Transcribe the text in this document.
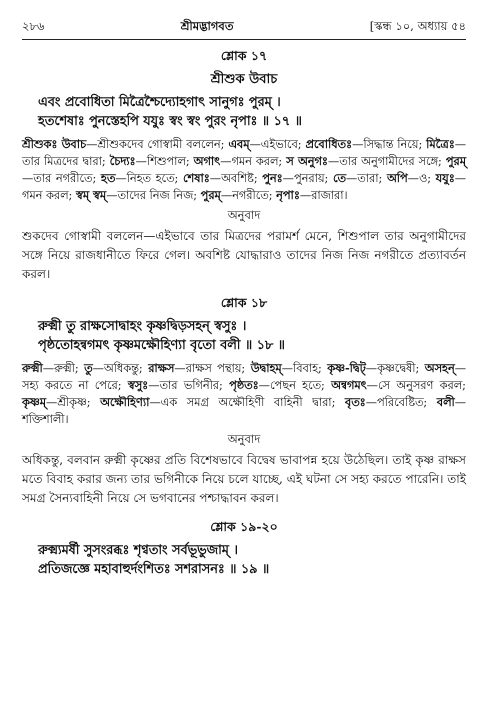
২৮৬	শ্রীমদ্ভাগবত	[স্কন্ধ ১০, অধ্যায় ৫৪
শ্লোক ১৭
শ্রীশুক উবাচ
এবং প্রবোধিতা মিত্রৈশ্চৈদ্যোহগাৎ সানুগঃ পুরম্ ।
হতশেষাঃ পুনস্তেহপি যযুঃ স্বং স্বং পুরং নৃপাঃ ॥ ১৭ ॥
শ্রীশুকঃ উবাচ—শ্রীশুকদেব গোস্বামী বললেন; এবম্—এইভাবে; প্রবোধিতঃ—সিদ্ধান্ত নিয়ে; মিত্রৈঃ—তার মিত্রদের দ্বারা; চৈদ্যঃ—শিশুপাল; অগাৎ—গমন করল; স অনুগঃ—তার অনুগামীদের সঙ্গে; পুরম্—তার নগরীতে; হত—নিহত হতে; শেষাঃ—অবশিষ্ট; পুনঃ—পুনরায়; তে—তারা; অপি—ও; যযুঃ—গমন করল; স্বম্ স্বম্—তাদের নিজ নিজ; পুরম্—নগরীতে; নৃপাঃ—রাজারা।
অনুবাদ
শুকদেব গোস্বামী বললেন—এইভাবে তার মিত্রদের পরামর্শ মেনে, শিশুপাল তার অনুগামীদের সঙ্গে নিয়ে রাজধানীতে ফিরে গেল। অবশিষ্ট যোদ্ধারাও তাদের নিজ নিজ নগরীতে প্রত্যাবর্তন করল।
শ্লোক ১৮
রুক্মী তু রাক্ষসোদ্বাহং কৃষ্ণদ্বিড়সহন্ স্বসুঃ ।
পৃষ্ঠতোহন্বগমৎ কৃষ্ণমক্ষৌহিণ্যা বৃতো বলী ॥ ১৮ ॥
রুক্মী—রুক্মী; তু—অধিকন্তু; রাক্ষস—রাক্ষস পন্থায়; উদ্বাহম্—বিবাহ; কৃষ্ণ-দ্বিট্—কৃষ্ণদ্বেষী; অসহন্—সহ্য করতে না পেরে; স্বসুঃ—তার ভগিনীর; পৃষ্ঠতঃ—পেছন হতে; অন্বগমৎ—সে অনুসরণ করল; কৃষ্ণম্—শ্রীকৃষ্ণ; অক্ষৌহিণ্যা—এক সমগ্র অক্ষৌহিণী বাহিনী দ্বারা; বৃতঃ—পরিবেষ্টিত; বলী—শক্তিশালী।
অনুবাদ
অধিকন্তু, বলবান রুক্মী কৃষ্ণের প্রতি বিশেষভাবে বিদ্বেষ ভাবাপন্ন হয়ে উঠেছিল। তাই কৃষ্ণ রাক্ষস মতে বিবাহ করার জন্য তার ভগিনীকে নিয়ে চলে যাচ্ছে, এই ঘটনা সে সহ্য করতে পারেনি। তাই সমগ্র সৈন্যবাহিনী নিয়ে সে ভগবানের পশ্চাদ্ধাবন করল।
শ্লোক ১৯-২০
রুক্ম্যমর্ষী সুসংরব্ধঃ শৃণ্বতাং সর্বভূভুজাম্ ।
প্রতিজজ্ঞে মহাবাহুর্দংশিতঃ সশরাসনঃ ॥ ১৯ ॥
